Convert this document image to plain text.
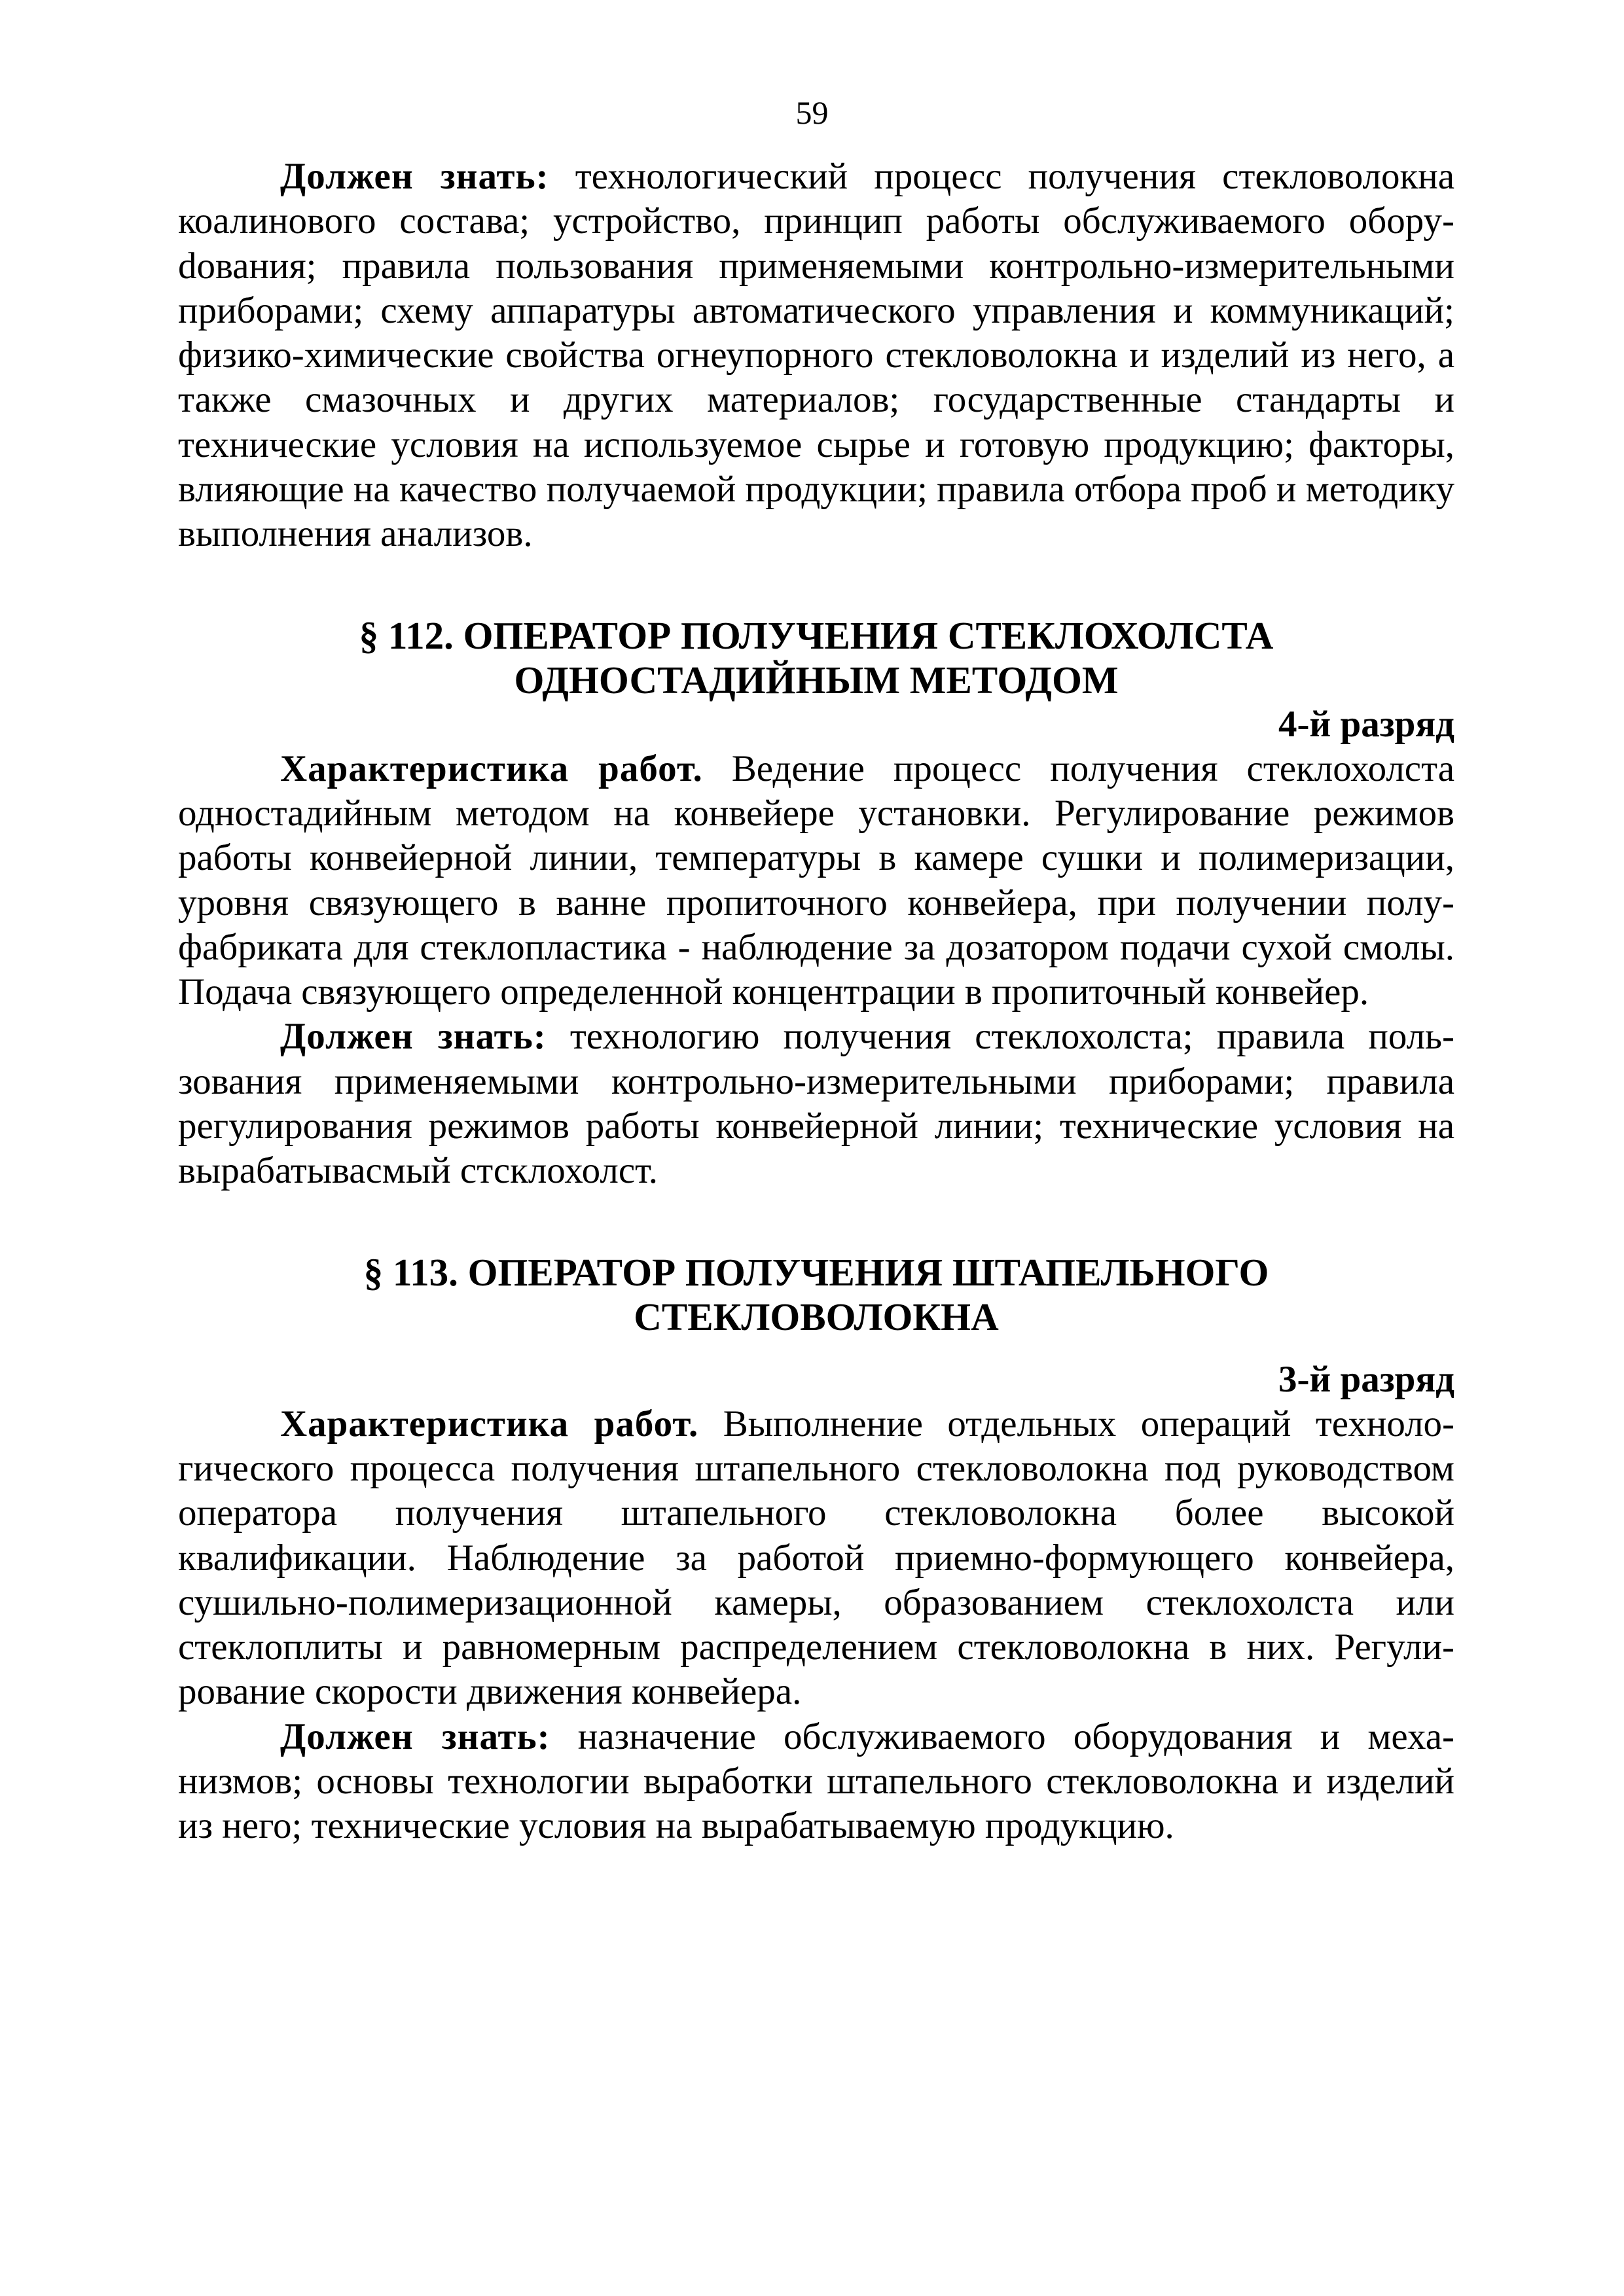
59

Должен знать: технологический процесс получения стекловолокна коалинового состава; устройство, принцип работы обслуживаемого оборуdования; правила пользования применяемыми контрольно-измерительными приборами; схему аппаратуры автоматического управления и коммуникаций; физико-химические свойства огнеупорного стекловолокна и изделий из него, а также смазочных и других материалов; государственные стандарты и технические условия на используемое сырье и готовую продукцию; факторы, влияющие на качество получаемой продукции; правила отбора проб и методику выполнения анализов.

§ 112. ОПЕРАТОР ПОЛУЧЕНИЯ СТЕКЛОХОЛСТА
ОДНОСТАДИЙНЫМ МЕТОДОМ
4-й разряд

Характеристика работ. Ведение процесс получения стеклохолста одностадийным методом на конвейере установки. Регулирование режимов работы конвейерной линии, температуры в камере сушки и полимеризации, уровня связующего в ванне пропиточного конвейера, при получении полуфабриката для стеклопластика - наблюдение за дозатором подачи сухой смолы. Подача связующего определенной концентрации в пропиточный конвейер.

Должен знать: технологию получения стеклохолста; правила пользования применяемыми контрольно-измерительными приборами; правила регулирования режимов работы конвейерной линии; технические условия на вырабатывасмый стсклохолст.

§ 113. ОПЕРАТОР ПОЛУЧЕНИЯ ШТАПЕЛЬНОГО
СТЕКЛОВОЛОКНА
3-й разряд

Характеристика работ. Выполнение отдельных операций технологического процесса получения штапельного стекловолокна под руководством оператора получения штапельного стекловолокна более высокой квалификации. Наблюдение за работой приемно-формующего конвейера, сушильно-полимеризационной камеры, образованием стеклохолста или стеклоплиты и равномерным распределением стекловолокна в них. Регулирование скорости движения конвейера.

Должен знать: назначение обслуживаемого оборудования и механизмов; основы технологии выработки штапельного стекловолокна и изделий из него; технические условия на вырабатываемую продукцию.
